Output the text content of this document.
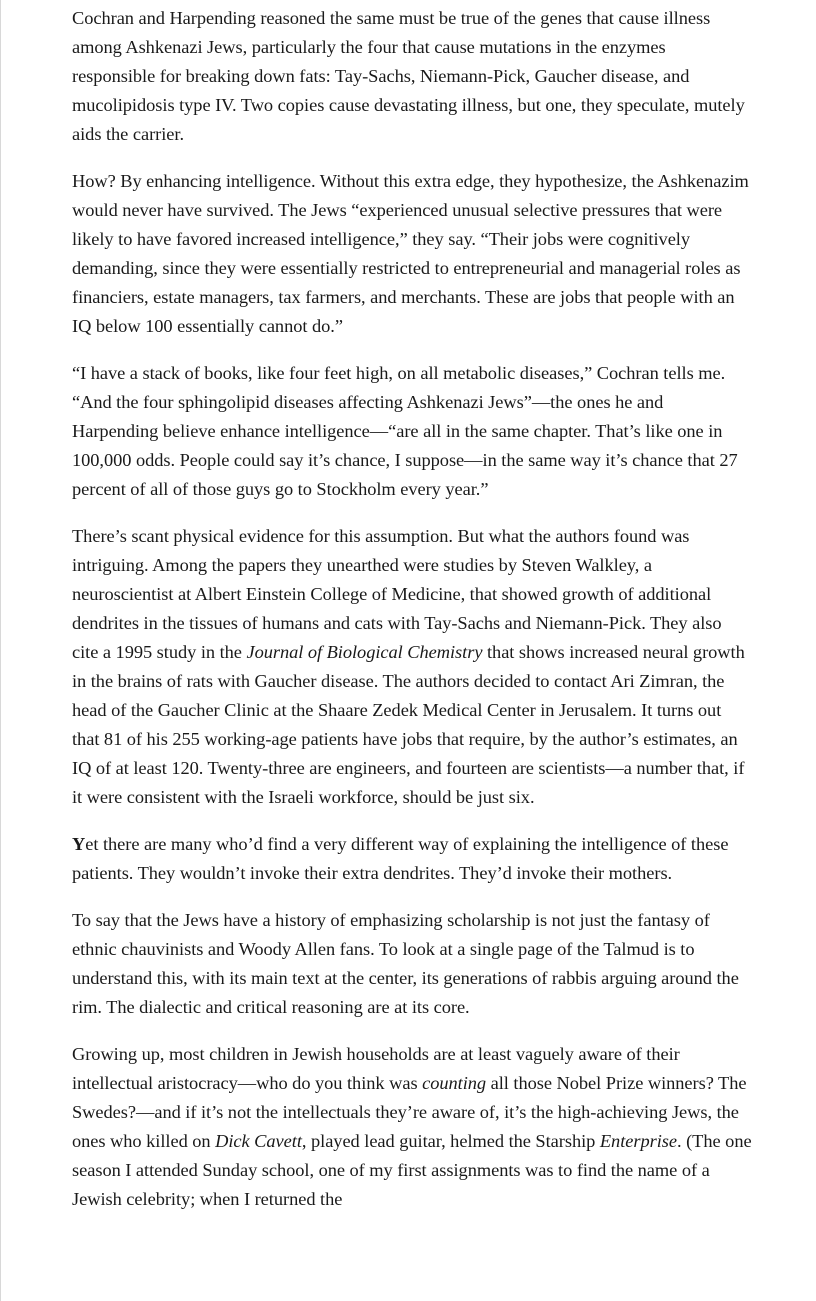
Cochran and Harpending reasoned the same must be true of the genes that cause illness among Ashkenazi Jews, particularly the four that cause mutations in the enzymes responsible for breaking down fats: Tay-Sachs, Niemann-Pick, Gaucher disease, and mucolipidosis type IV. Two copies cause devastating illness, but one, they speculate, mutely aids the carrier.

How? By enhancing intelligence. Without this extra edge, they hypothesize, the Ashkenazim would never have survived. The Jews “experienced unusual selective pressures that were likely to have favored increased intelligence,” they say. “Their jobs were cognitively demanding, since they were essentially restricted to entrepreneurial and managerial roles as financiers, estate managers, tax farmers, and merchants. These are jobs that people with an IQ below 100 essentially cannot do.”

“I have a stack of books, like four feet high, on all metabolic diseases,” Cochran tells me. “And the four sphingolipid diseases affecting Ashkenazi Jews”—the ones he and Harpending believe enhance intelligence—“are all in the same chapter. That’s like one in 100,000 odds. People could say it’s chance, I suppose—in the same way it’s chance that 27 percent of all of those guys go to Stockholm every year.”

There’s scant physical evidence for this assumption. But what the authors found was intriguing. Among the papers they unearthed were studies by Steven Walkley, a neuroscientist at Albert Einstein College of Medicine, that showed growth of additional dendrites in the tissues of humans and cats with Tay-Sachs and Niemann-Pick. They also cite a 1995 study in the Journal of Biological Chemistry that shows increased neural growth in the brains of rats with Gaucher disease. The authors decided to contact Ari Zimran, the head of the Gaucher Clinic at the Shaare Zedek Medical Center in Jerusalem. It turns out that 81 of his 255 working-age patients have jobs that require, by the author’s estimates, an IQ of at least 120. Twenty-three are engineers, and fourteen are scientists—a number that, if it were consistent with the Israeli workforce, should be just six.

Yet there are many who’d find a very different way of explaining the intelligence of these patients. They wouldn’t invoke their extra dendrites. They’d invoke their mothers.

To say that the Jews have a history of emphasizing scholarship is not just the fantasy of ethnic chauvinists and Woody Allen fans. To look at a single page of the Talmud is to understand this, with its main text at the center, its generations of rabbis arguing around the rim. The dialectic and critical reasoning are at its core.

Growing up, most children in Jewish households are at least vaguely aware of their intellectual aristocracy—who do you think was counting all those Nobel Prize winners? The Swedes?—and if it’s not the intellectuals they’re aware of, it’s the high-achieving Jews, the ones who killed on Dick Cavett, played lead guitar, helmed the Starship Enterprise. (The one season I attended Sunday school, one of my first assignments was to find the name of a Jewish celebrity; when I returned the
